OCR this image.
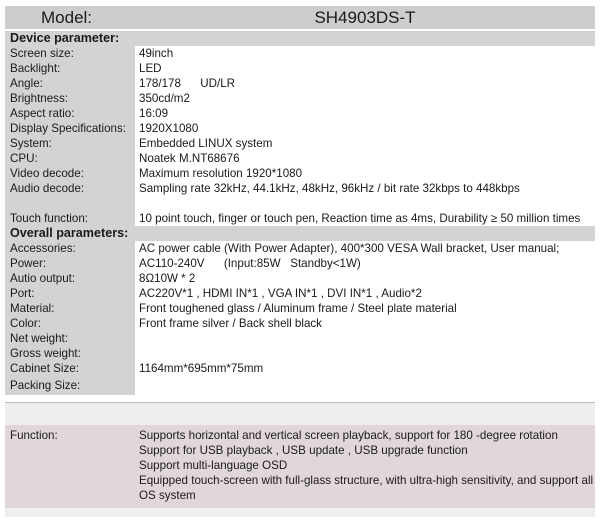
Model:	SH4903DS-T
Device parameter:
Screen size:	49inch
Backlight:	LED
Angle:	178/178      UD/LR
Brightness:	350cd/m2
Aspect ratio:	16:09
Display Specifications:	1920X1080
System:	Embedded LINUX system
CPU:	Noatek M.NT68676
Video decode:	Maximum resolution 1920*1080
Audio decode:	Sampling rate 32kHz, 44.1kHz, 48kHz, 96kHz / bit rate 32kbps to 448kbps
Touch function:	10 point touch, finger or touch pen, Reaction time as 4ms, Durability ≥ 50 million times
Overall parameters:
Accessories:	AC power cable (With Power Adapter), 400*300 VESA Wall bracket, User manual;
Power:	AC110-240V      (Input:85W   Standby<1W)
Autio output:	8Ω10W * 2
Port:	AC220V*1 , HDMI IN*1 , VGA IN*1 , DVI IN*1 , Audio*2
Material:	Front toughened glass / Aluminum frame / Steel plate material
Color:	Front frame silver / Back shell black
Net weight:
Gross weight:
Cabinet Size:	1164mm*695mm*75mm
Packing Size:
Function:	Supports horizontal and vertical screen playback, support for 180 -degree rotation
Support for USB playback , USB update , USB upgrade function
Support multi-language OSD
Equipped touch-screen with full-glass structure, with ultra-high sensitivity, and support all OS system
